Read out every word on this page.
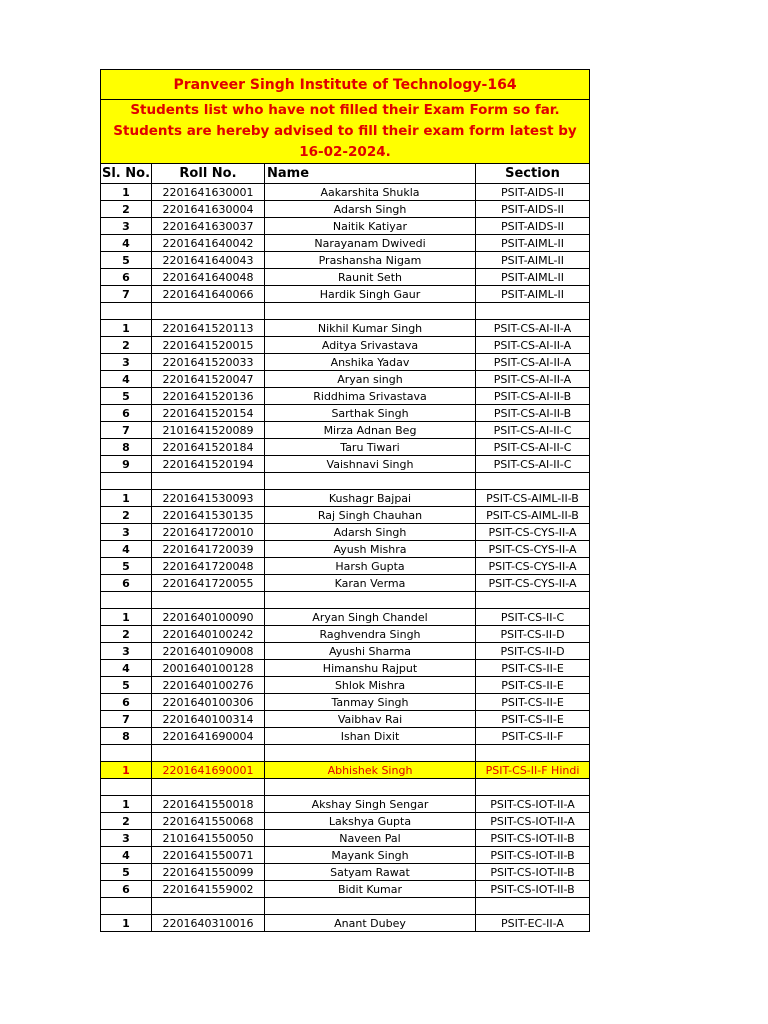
Pranveer Singh Institute of Technology-164			
Students list who have not filled their Exam Form so far. Students are hereby advised to fill their exam form latest by 16-02-2024.			
Sl. No.	Roll No.	Name	Section
1	2201641630001	Aakarshita Shukla	PSIT-AIDS-II
2	2201641630004	Adarsh Singh	PSIT-AIDS-II
3	2201641630037	Naitik Katiyar	PSIT-AIDS-II
4	2201641640042	Narayanam Dwivedi	PSIT-AIML-II
5	2201641640043	Prashansha Nigam	PSIT-AIML-II
6	2201641640048	Raunit Seth	PSIT-AIML-II
7	2201641640066	Hardik Singh Gaur	PSIT-AIML-II

1	2201641520113	Nikhil Kumar Singh	PSIT-CS-AI-II-A
2	2201641520015	Aditya Srivastava	PSIT-CS-AI-II-A
3	2201641520033	Anshika Yadav	PSIT-CS-AI-II-A
4	2201641520047	Aryan singh	PSIT-CS-AI-II-A
5	2201641520136	Riddhima Srivastava	PSIT-CS-AI-II-B
6	2201641520154	Sarthak Singh	PSIT-CS-AI-II-B
7	2101641520089	Mirza Adnan Beg	PSIT-CS-AI-II-C
8	2201641520184	Taru Tiwari	PSIT-CS-AI-II-C
9	2201641520194	Vaishnavi Singh	PSIT-CS-AI-II-C

1	2201641530093	Kushagr Bajpai	PSIT-CS-AIML-II-B
2	2201641530135	Raj Singh Chauhan	PSIT-CS-AIML-II-B
3	2201641720010	Adarsh Singh	PSIT-CS-CYS-II-A
4	2201641720039	Ayush Mishra	PSIT-CS-CYS-II-A
5	2201641720048	Harsh Gupta	PSIT-CS-CYS-II-A
6	2201641720055	Karan Verma	PSIT-CS-CYS-II-A

1	2201640100090	Aryan Singh Chandel	PSIT-CS-II-C
2	2201640100242	Raghvendra Singh	PSIT-CS-II-D
3	2201640109008	Ayushi Sharma	PSIT-CS-II-D
4	2001640100128	Himanshu Rajput	PSIT-CS-II-E
5	2201640100276	Shlok Mishra	PSIT-CS-II-E
6	2201640100306	Tanmay Singh	PSIT-CS-II-E
7	2201640100314	Vaibhav Rai	PSIT-CS-II-E
8	2201641690004	Ishan Dixit	PSIT-CS-II-F

1	2201641690001	Abhishek Singh	PSIT-CS-II-F Hindi

1	2201641550018	Akshay Singh Sengar	PSIT-CS-IOT-II-A
2	2201641550068	Lakshya Gupta	PSIT-CS-IOT-II-A
3	2101641550050	Naveen Pal	PSIT-CS-IOT-II-B
4	2201641550071	Mayank Singh	PSIT-CS-IOT-II-B
5	2201641550099	Satyam Rawat	PSIT-CS-IOT-II-B
6	2201641559002	Bidit Kumar	PSIT-CS-IOT-II-B

1	2201640310016	Anant Dubey	PSIT-EC-II-A
